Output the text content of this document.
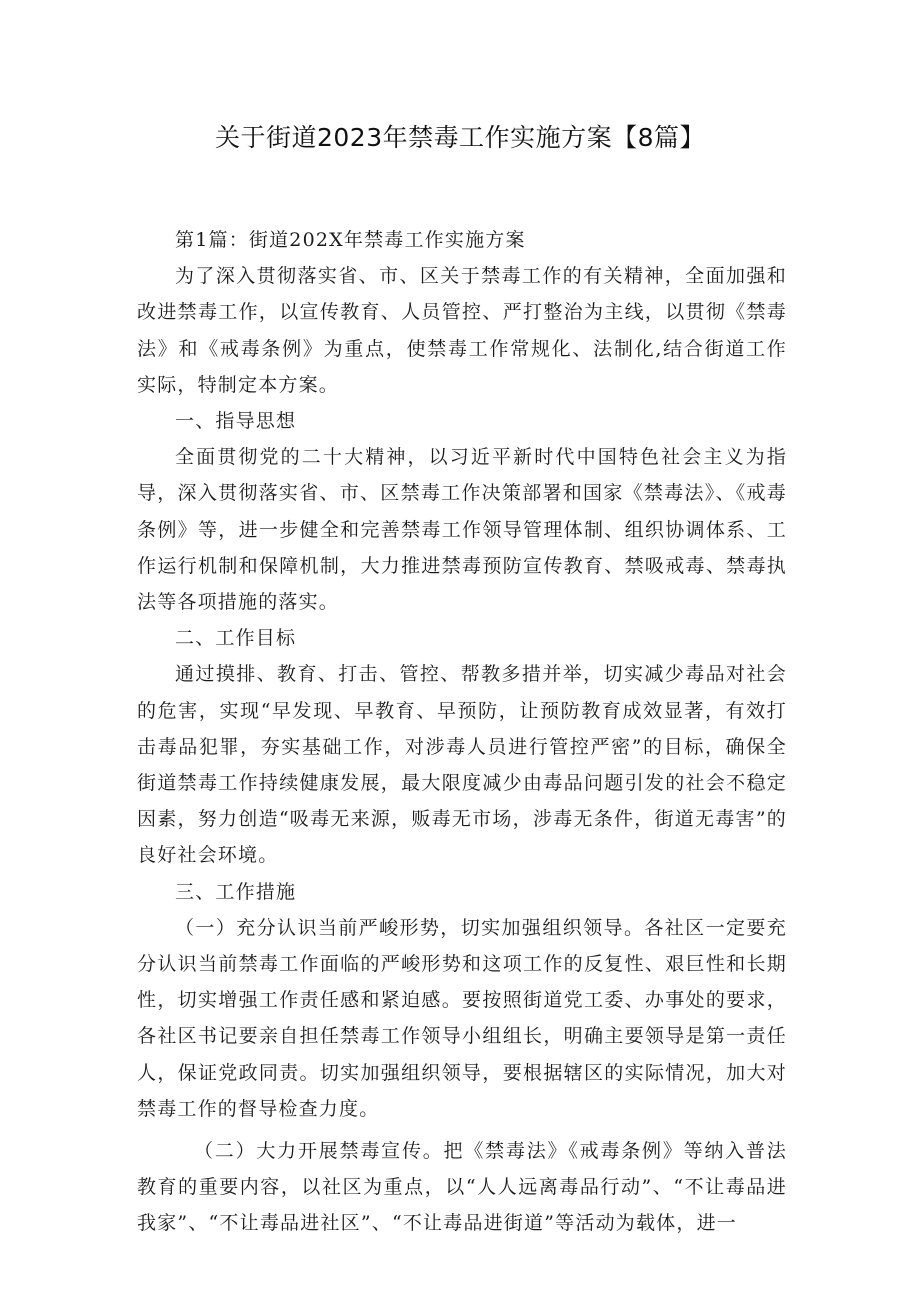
关于街道2023年禁毒工作实施方案【8篇】

第1篇：街道202X年禁毒工作实施方案

为了深入贯彻落实省、市、区关于禁毒工作的有关精神，全面加强和改进禁毒工作，以宣传教育、人员管控、严打整治为主线，以贯彻《禁毒法》和《戒毒条例》为重点，使禁毒工作常规化、法制化,结合街道工作实际，特制定本方案。

一、指导思想

全面贯彻党的二十大精神，以习近平新时代中国特色社会主义为指导，深入贯彻落实省、市、区禁毒工作决策部署和国家《禁毒法》、《戒毒条例》等，进一步健全和完善禁毒工作领导管理体制、组织协调体系、工作运行机制和保障机制，大力推进禁毒预防宣传教育、禁吸戒毒、禁毒执法等各项措施的落实。

二、工作目标

通过摸排、教育、打击、管控、帮教多措并举，切实减少毒品对社会的危害，实现“早发现、早教育、早预防，让预防教育成效显著，有效打击毒品犯罪，夯实基础工作，对涉毒人员进行管控严密”的目标，确保全街道禁毒工作持续健康发展，最大限度减少由毒品问题引发的社会不稳定因素，努力创造“吸毒无来源，贩毒无市场，涉毒无条件，街道无毒害”的良好社会环境。

三、工作措施

（一）充分认识当前严峻形势，切实加强组织领导。各社区一定要充分认识当前禁毒工作面临的严峻形势和这项工作的反复性、艰巨性和长期性，切实增强工作责任感和紧迫感。要按照街道党工委、办事处的要求，各社区书记要亲自担任禁毒工作领导小组组长，明确主要领导是第一责任人，保证党政同责。切实加强组织领导，要根据辖区的实际情况，加大对禁毒工作的督导检查力度。

（二）大力开展禁毒宣传。把《禁毒法》《戒毒条例》等纳入普法教育的重要内容，以社区为重点，以“人人远离毒品行动”、“不让毒品进我家”、“不让毒品进社区”、“不让毒品进街道”等活动为载体，进一
